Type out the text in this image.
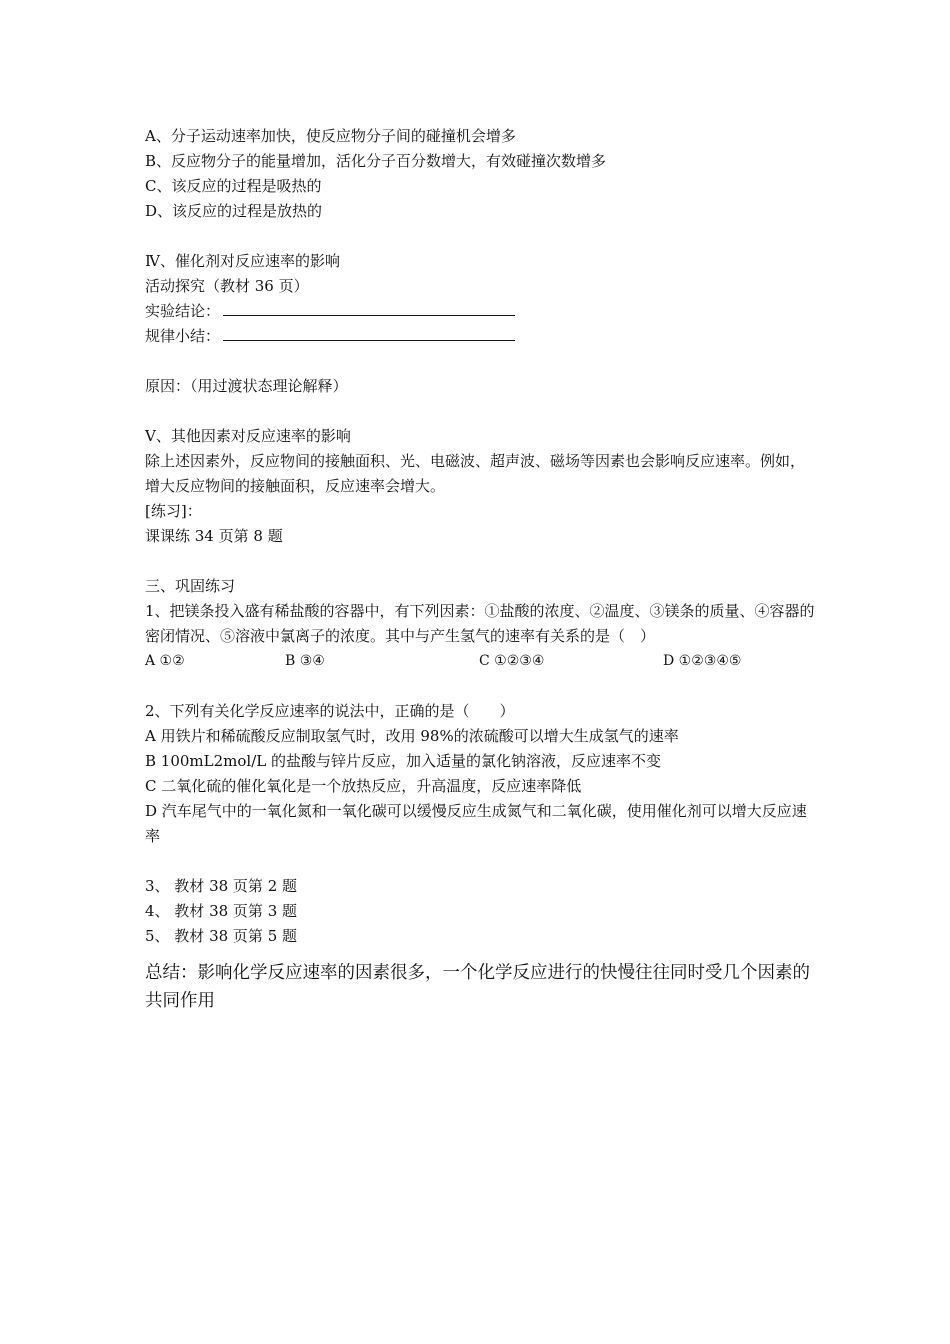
A、分子运动速率加快，使反应物分子间的碰撞机会增多
B、反应物分子的能量增加，活化分子百分数增大，有效碰撞次数增多
C、该反应的过程是吸热的
D、该反应的过程是放热的
Ⅳ、催化剂对反应速率的影响
活动探究（教材 36 页）
实验结论：
规律小结：
原因：（用过渡状态理论解释）
Ⅴ、其他因素对反应速率的影响
除上述因素外，反应物间的接触面积、光、电磁波、超声波、磁场等因素也会影响反应速率。例如，增大反应物间的接触面积，反应速率会增大。
[练习]：
课课练 34 页第 8 题
三、巩固练习
1、把镁条投入盛有稀盐酸的容器中，有下列因素：①盐酸的浓度、②温度、③镁条的质量、④容器的密闭情况、⑤溶液中氯离子的浓度。其中与产生氢气的速率有关系的是（　）
A ①②	B ③④	C ①②③④	D ①②③④⑤
2、下列有关化学反应速率的说法中，正确的是（　　）
A 用铁片和稀硫酸反应制取氢气时，改用 98%的浓硫酸可以增大生成氢气的速率
B 100mL2mol/L 的盐酸与锌片反应，加入适量的氯化钠溶液，反应速率不变
C 二氧化硫的催化氧化是一个放热反应，升高温度，反应速率降低
D 汽车尾气中的一氧化氮和一氧化碳可以缓慢反应生成氮气和二氧化碳，使用催化剂可以增大反应速率
3、 教材 38 页第 2 题
4、 教材 38 页第 3 题
5、 教材 38 页第 5 题
总结：影响化学反应速率的因素很多，一个化学反应进行的快慢往往同时受几个因素的共同作用
